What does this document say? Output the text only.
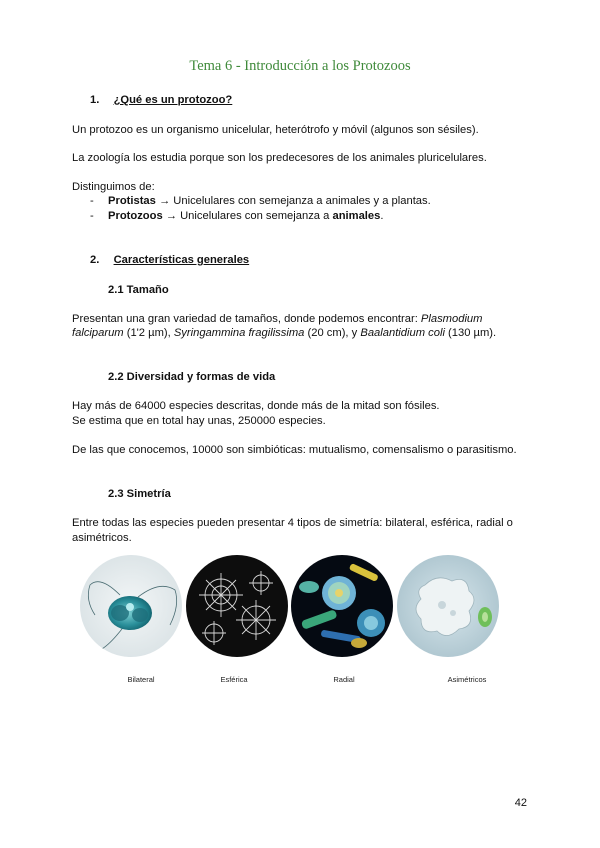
Tema 6 - Introducción a los Protozoos
1. ¿Qué es un protozoo?
Un protozoo es un organismo unicelular, heterótrofo y móvil (algunos son sésiles).
La zoología los estudia porque son los predecesores de los animales pluricelulares.
Distinguimos de:
- Protistas → Unicelulares con semejanza a animales y a plantas.
- Protozoos → Unicelulares con semejanza a animales.
2. Características generales
2.1 Tamaño
Presentan una gran variedad de tamaños, donde podemos encontrar: Plasmodium
falciparum (1'2 µm), Syringammina fragilissima (20 cm), y Baalantidium coli (130 µm).
2.2 Diversidad y formas de vida
Hay más de 64000 especies descritas, donde más de la mitad son fósiles.
Se estima que en total hay unas, 250000 especies.
De las que conocemos, 10000 son simbióticas: mutualismo, comensalismo o parasitismo.
2.3 Simetría
Entre todas las especies pueden presentar 4 tipos de simetría: bilateral, esférica, radial o
asimétricos.
Bilateral	Esférica	Radial	Asimétricos
42
